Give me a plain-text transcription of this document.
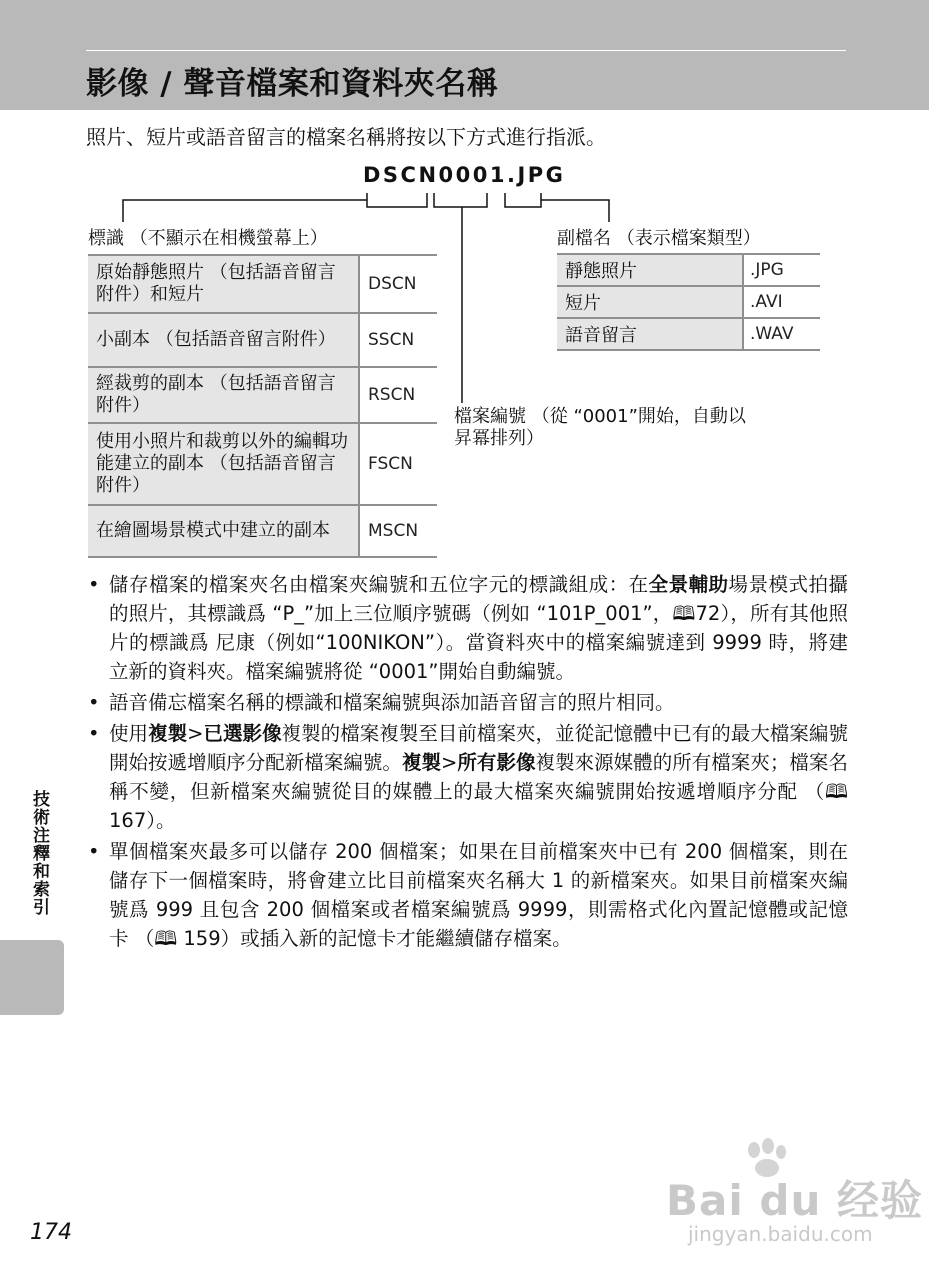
影像 / 聲音檔案和資料夾名稱

照片、短片或語音留言的檔案名稱將按以下方式進行指派。

DSCN0001.JPG
標識 （不顯示在相機螢幕上）	副檔名 （表示檔案類型）
檔案編號 （從 “0001”開始，自動以
昇冪排列）
原始靜態照片 （包括語音留言附件）和短片	DSCN
小副本 （包括語音留言附件）	SSCN
經裁剪的副本 （包括語音留言附件）	RSCN
使用小照片和裁剪以外的編輯功能建立的副本 （包括語音留言附件）	FSCN
在繪圖場景模式中建立的副本	MSCN
靜態照片	.JPG
短片	.AVI
語音留言	.WAV
• 儲存檔案的檔案夾名由檔案夾編號和五位字元的標識組成：在全景輔助場景模式拍攝的照片，其標識爲 “P_”加上三位順序號碼（例如 “101P_001”，🕮72），所有其他照片的標識爲 尼康（例如“100NIKON”）。當資料夾中的檔案編號達到 9999 時，將建立新的資料夾。檔案編號將從 “0001”開始自動編號。
• 語音備忘檔案名稱的標識和檔案編號與添加語音留言的照片相同。
• 使用複製>已選影像複製的檔案複製至目前檔案夾，並從記憶體中已有的最大檔案編號開始按遞增順序分配新檔案編號。複製>所有影像複製來源媒體的所有檔案夾；檔案名稱不變，但新檔案夾編號從目的媒體上的最大檔案夾編號開始按遞增順序分配 （🕮 167）。
• 單個檔案夾最多可以儲存 200 個檔案；如果在目前檔案夾中已有 200 個檔案，則在儲存下一個檔案時，將會建立比目前檔案夾名稱大 1 的新檔案夾。如果目前檔案夾編號爲 999 且包含 200 個檔案或者檔案編號爲 9999，則需格式化內置記憶體或記憶卡 （🕮 159）或插入新的記憶卡才能繼續儲存檔案。
技術注釋和索引
174
Bai du 经验
jingyan.baidu.com
